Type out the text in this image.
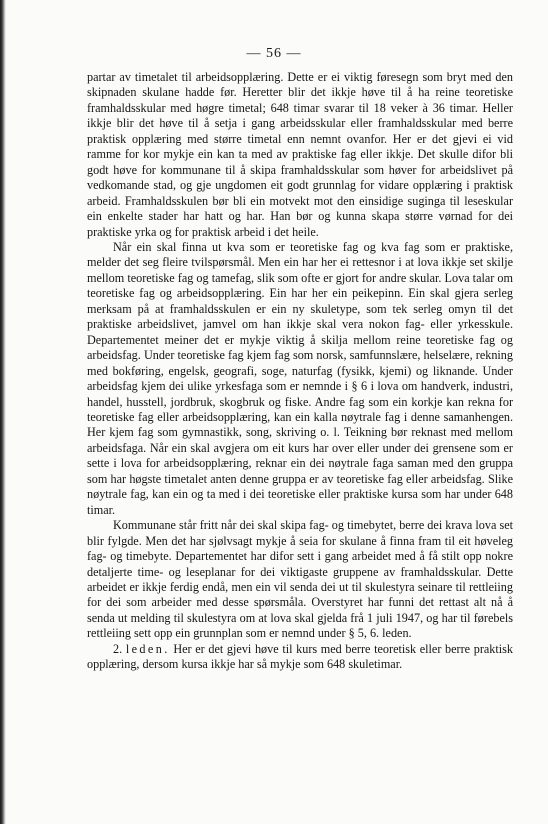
— 56 —

partar av timetalet til arbeidsopplæring. Dette er ei viktig føresegn som bryt med den skipnaden skulane hadde før. Heretter blir det ikkje høve til å ha reine teoretiske framhaldsskular med høgre timetal; 648 timar svarar til 18 veker à 36 timar. Heller ikkje blir det høve til å setja i gang arbeidsskular eller framhaldsskular med berre praktisk opplæring med større timetal enn nemnt ovanfor. Her er det gjevi ei vid ramme for kor mykje ein kan ta med av praktiske fag eller ikkje. Det skulle difor bli godt høve for kommunane til å skipa framhaldsskular som høver for arbeidslivet på vedkomande stad, og gje ungdomen eit godt grunnlag for vidare opplæring i praktisk arbeid. Framhaldsskulen bør bli ein motvekt mot den einsidige suginga til leseskular ein enkelte stader har hatt og har. Han bør og kunna skapa større vørnad for dei praktiske yrka og for praktisk arbeid i det heile.

Når ein skal finna ut kva som er teoretiske fag og kva fag som er praktiske, melder det seg fleire tvilspørsmål. Men ein har her ei rettesnor i at lova ikkje set skilje mellom teoretiske fag og tamefag, slik som ofte er gjort for andre skular. Lova talar om teoretiske fag og arbeidsopplæring. Ein har her ein peikepinn. Ein skal gjera serleg merksam på at framhaldsskulen er ein ny skuletype, som tek serleg omyn til det praktiske arbeidslivet, jamvel om han ikkje skal vera nokon fag- eller yrkesskule. Departementet meiner det er mykje viktig å skilja mellom reine teoretiske fag og arbeidsfag. Under teoretiske fag kjem fag som norsk, samfunnslære, helselære, rekning med bokføring, engelsk, geografi, soge, naturfag (fysikk, kjemi) og liknande. Under arbeidsfag kjem dei ulike yrkesfaga som er nemnde i § 6 i lova om handverk, industri, handel, husstell, jordbruk, skogbruk og fiske. Andre fag som ein korkje kan rekna for teoretiske fag eller arbeidsopplæring, kan ein kalla nøytrale fag i denne samanhengen. Her kjem fag som gymnastikk, song, skriving o. l. Teikning bør reknast med mellom arbeidsfaga. Når ein skal avgjera om eit kurs har over eller under dei grensene som er sette i lova for arbeidsopplæring, reknar ein dei nøytrale faga saman med den gruppa som har høgste timetalet anten denne gruppa er av teoretiske fag eller arbeidsfag. Slike nøytrale fag, kan ein og ta med i dei teoretiske eller praktiske kursa som har under 648 timar.

Kommunane står fritt når dei skal skipa fag- og timebytet, berre dei krava lova set blir fylgde. Men det har sjølvsagt mykje å seia for skulane å finna fram til eit høveleg fag- og timebyte. Departementet har difor sett i gang arbeidet med å få stilt opp nokre detaljerte time- og leseplanar for dei viktigaste gruppene av framhaldsskular. Dette arbeidet er ikkje ferdig endå, men ein vil senda dei ut til skulestyra seinare til rettleiing for dei som arbeider med desse spørsmåla. Overstyret har funni det rettast alt nå å senda ut melding til skulestyra om at lova skal gjelda frå 1 juli 1947, og har til førebels rettleiing sett opp ein grunnplan som er nemnd under § 5, 6. leden.

2. leden. Her er det gjevi høve til kurs med berre teoretisk eller berre praktisk opplæring, dersom kursa ikkje har så mykje som 648 skuletimar.
